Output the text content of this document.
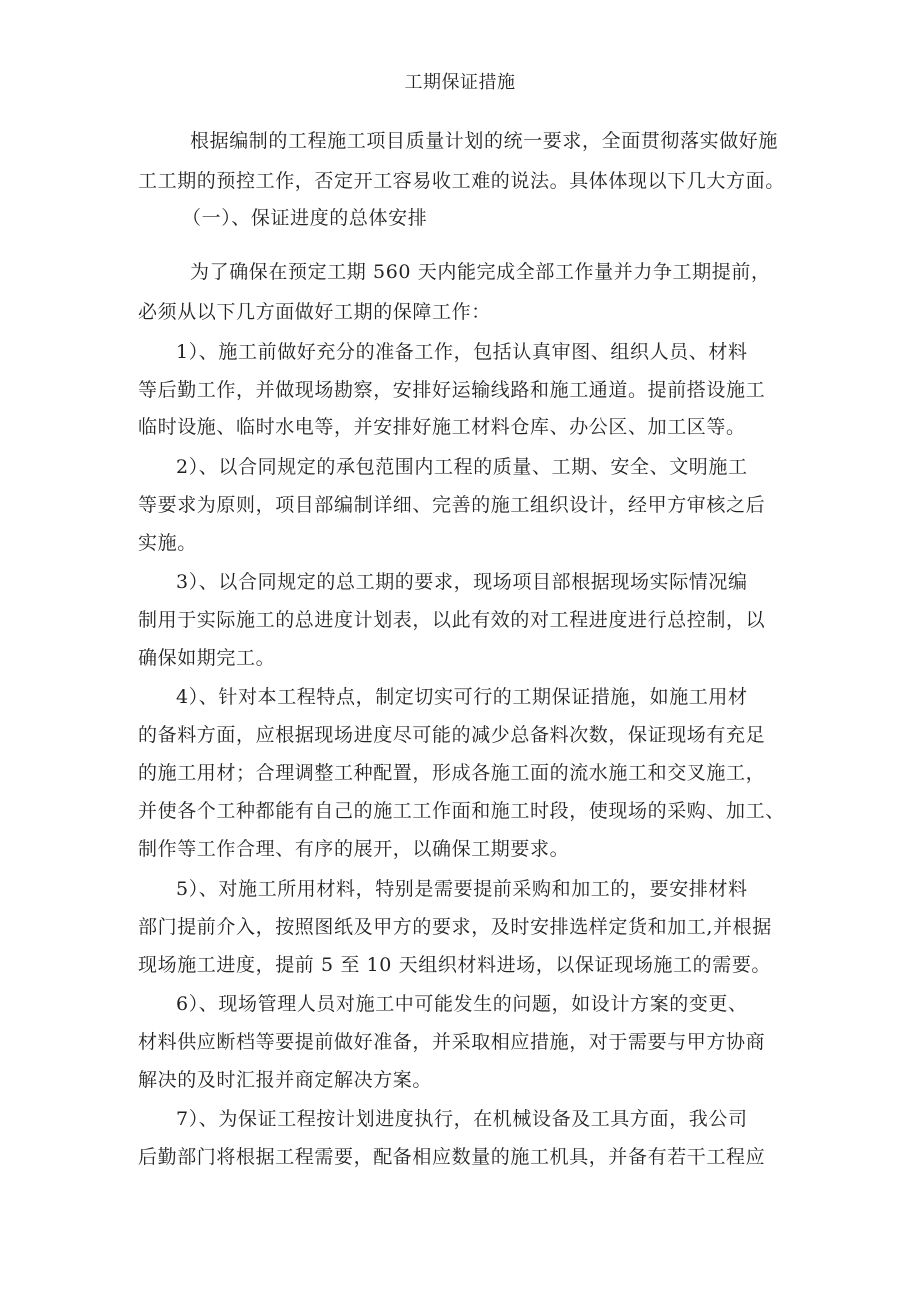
工期保证措施
根据编制的工程施工项目质量计划的统一要求，全面贯彻落实做好施
工工期的预控工作，否定开工容易收工难的说法。具体体现以下几大方面。
（一）、保证进度的总体安排
为了确保在预定工期 560 天内能完成全部工作量并力争工期提前，
必须从以下几方面做好工期的保障工作：
1）、施工前做好充分的准备工作，包括认真审图、组织人员、材料
等后勤工作，并做现场勘察，安排好运输线路和施工通道。提前搭设施工
临时设施、临时水电等，并安排好施工材料仓库、办公区、加工区等。
2）、以合同规定的承包范围内工程的质量、工期、安全、文明施工
等要求为原则，项目部编制详细、完善的施工组织设计，经甲方审核之后
实施。
3）、以合同规定的总工期的要求，现场项目部根据现场实际情况编
制用于实际施工的总进度计划表，以此有效的对工程进度进行总控制，以
确保如期完工。
4）、针对本工程特点，制定切实可行的工期保证措施，如施工用材
的备料方面，应根据现场进度尽可能的减少总备料次数，保证现场有充足
的施工用材；合理调整工种配置，形成各施工面的流水施工和交叉施工，
并使各个工种都能有自己的施工工作面和施工时段，使现场的采购、加工、
制作等工作合理、有序的展开，以确保工期要求。
5）、对施工所用材料，特别是需要提前采购和加工的，要安排材料
部门提前介入，按照图纸及甲方的要求，及时安排选样定货和加工,并根据
现场施工进度，提前 5 至 10 天组织材料进场，以保证现场施工的需要。
6）、现场管理人员对施工中可能发生的问题，如设计方案的变更、
材料供应断档等要提前做好准备，并采取相应措施，对于需要与甲方协商
解决的及时汇报并商定解决方案。
7）、为保证工程按计划进度执行，在机械设备及工具方面，我公司
后勤部门将根据工程需要，配备相应数量的施工机具，并备有若干工程应
